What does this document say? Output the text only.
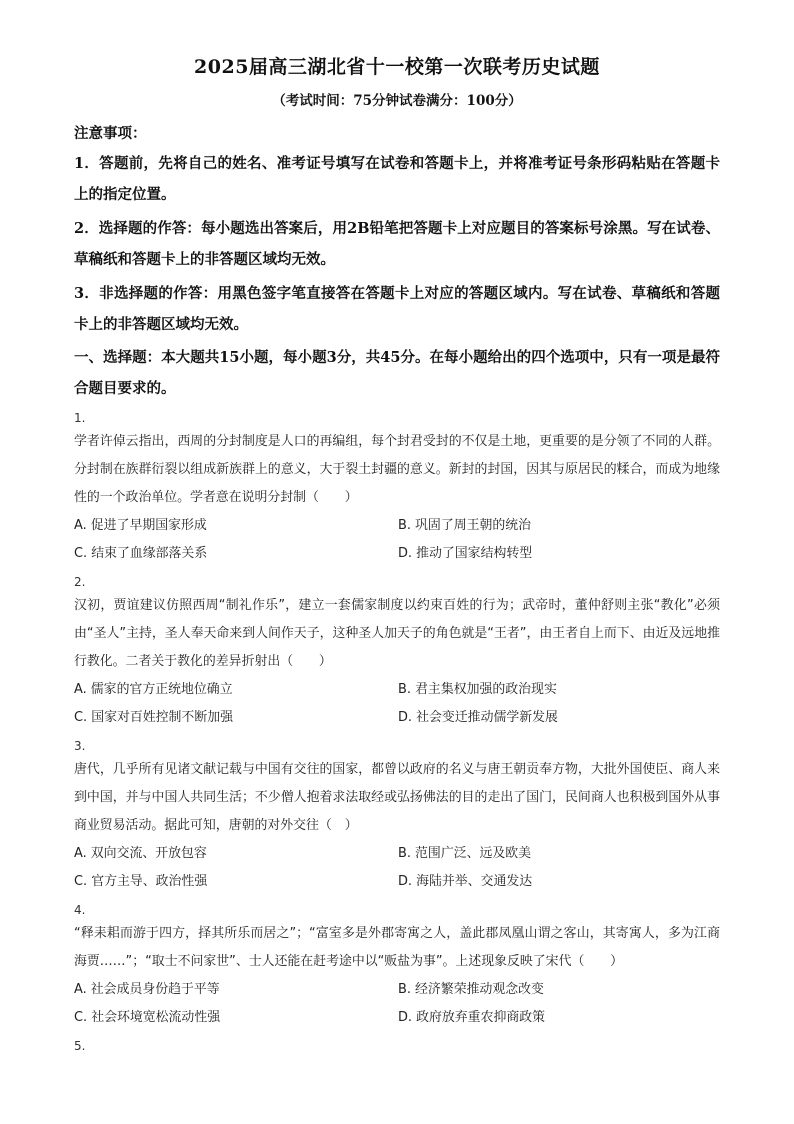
2025届高三湖北省十一校第一次联考历史试题
（考试时间：75分钟试卷满分：100分）
注意事项：
1．答题前，先将自己的姓名、准考证号填写在试卷和答题卡上，并将准考证号条形码粘贴在答题卡上的指定位置。
2．选择题的作答：每小题选出答案后，用2B铅笔把答题卡上对应题目的答案标号涂黑。写在试卷、草稿纸和答题卡上的非答题区域均无效。
3．非选择题的作答：用黑色签字笔直接答在答题卡上对应的答题区域内。写在试卷、草稿纸和答题卡上的非答题区域均无效。
一、选择题：本大题共15小题，每小题3分，共45分。在每小题给出的四个选项中，只有一项是最符合题目要求的。
1.
学者许倬云指出，西周的分封制度是人口的再编组，每个封君受封的不仅是土地，更重要的是分领了不同的人群。分封制在族群衍裂以组成新族群上的意义，大于裂土封疆的意义。新封的封国，因其与原居民的糅合，而成为地缘性的一个政治单位。学者意在说明分封制（　　）
A. 促进了早期国家形成	B. 巩固了周王朝的统治
C. 结束了血缘部落关系	D. 推动了国家结构转型
2.
汉初，贾谊建议仿照西周“制礼作乐”，建立一套儒家制度以约束百姓的行为；武帝时，董仲舒则主张“教化”必须由“圣人”主持，圣人奉天命来到人间作天子，这种圣人加天子的角色就是“王者”，由王者自上而下、由近及远地推行教化。二者关于教化的差异折射出（　　）
A. 儒家的官方正统地位确立	B. 君主集权加强的政治现实
C. 国家对百姓控制不断加强	D. 社会变迁推动儒学新发展
3.
唐代，几乎所有见诸文献记载与中国有交往的国家，都曾以政府的名义与唐王朝贡奉方物，大批外国使臣、商人来到中国，并与中国人共同生活；不少僧人抱着求法取经或弘扬佛法的目的走出了国门，民间商人也积极到国外从事商业贸易活动。据此可知，唐朝的对外交往（　）
A. 双向交流、开放包容	B. 范围广泛、远及欧美
C. 官方主导、政治性强	D. 海陆并举、交通发达
4.
“释耒耜而游于四方，择其所乐而居之”；“富室多是外郡寄寓之人，盖此郡凤凰山谓之客山，其寄寓人，多为江商海贾……”；“取士不问家世”、士人还能在赶考途中以“贩盐为事”。上述现象反映了宋代（　　）
A. 社会成员身份趋于平等	B. 经济繁荣推动观念改变
C. 社会环境宽松流动性强	D. 政府放弃重农抑商政策
5.
